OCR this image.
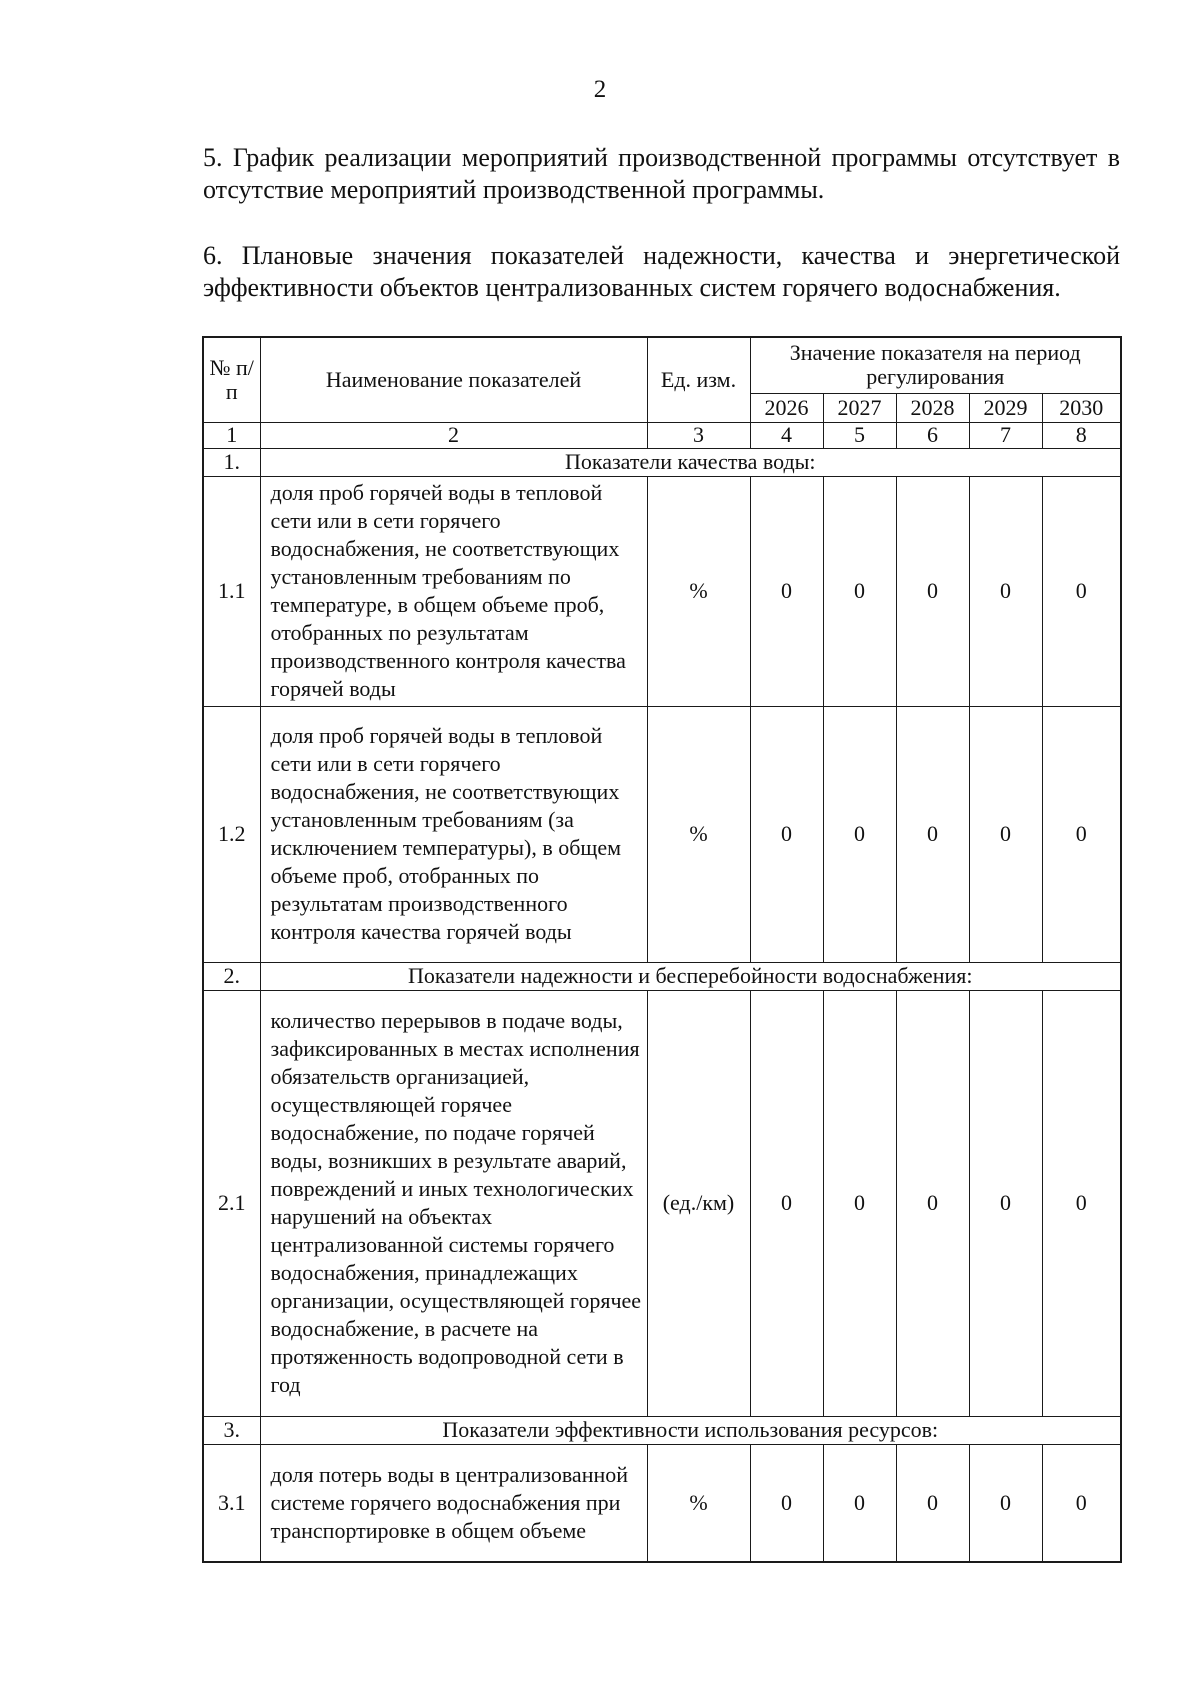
2
5. График реализации мероприятий производственной программы отсутствует в отсутствие мероприятий производственной программы.
6. Плановые значения показателей надежности, качества и энергетической эффективности объектов централизованных систем горячего водоснабжения.
№ п/п	Наименование показателей	Ед. изм.	Значение показателя на период регулирования				
			2026	2027	2028	2029	2030
1	2	3	4	5	6	7	8
1.	Показатели качества воды:						
1.1	доля проб горячей воды в тепловой сети или в сети горячего водоснабжения, не соответствующих установленным требованиям по температуре, в общем объеме проб, отобранных по результатам производственного контроля качества горячей воды	%	0	0	0	0	0
1.2	доля проб горячей воды в тепловой сети или в сети горячего водоснабжения, не соответствующих установленным требованиям (за исключением температуры), в общем объеме проб, отобранных по результатам производственного контроля качества горячей воды	%	0	0	0	0	0
2.	Показатели надежности и бесперебойности водоснабжения:						
2.1	количество перерывов в подаче воды, зафиксированных в местах исполнения обязательств организацией, осуществляющей горячее водоснабжение, по подаче горячей воды, возникших в результате аварий, повреждений и иных технологических нарушений на объектах централизованной системы горячего водоснабжения, принадлежащих организации, осуществляющей горячее водоснабжение, в расчете на протяженность водопроводной сети в год	(ед./км)	0	0	0	0	0
3.	Показатели эффективности использования ресурсов:						
3.1	доля потерь воды в централизованной системе горячего водоснабжения при транспортировке в общем объеме	%	0	0	0	0	0
